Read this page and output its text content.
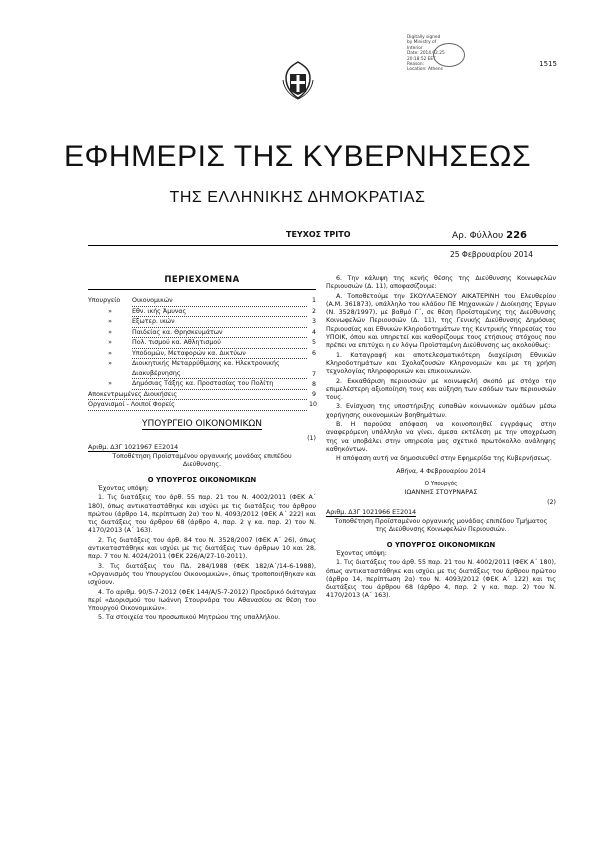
Digitally signed
by Ministry of
Interior
Date: 2014.02.25
20:18:52 EET
Reason:
Location: Athens
1515
ΕΦΗΜΕΡΙΣ ΤΗΣ ΚΥΒΕΡΝΗΣΕΩΣ
ΤΗΣ ΕΛΛΗΝΙΚΗΣ ΔΗΜΟΚΡΑΤΙΑΣ
ΤΕΥΧΟΣ ΤΡΙΤΟ	Αρ. Φύλλου 226
25 Φεβρουαρίου 2014
ΠΕΡΙΕΧΟΜΕΝΑ
Υπουργείο	Οικονομικών	1
»	Εθν. ικής Άμυνας	2
»	Εξωτερ. ικών	3
»	Παιδείας κα. Θρησκευμάτων	4
»	Πολ. τισμού κα. Αθλητισμού	5
»	Υποδομών, Μεταφορών κα. Δικτύων	6
»	Διοικητικής Μεταρρύθμισης κα. Ηλεκτρονικής Διακυβέρνησης	7
»	Δημόσιας Τάξης κα. Προστασίας του Πολίτη	8
Αποκεντρωμένες Διοικήσεις	9
Οργανισμοί - Λοιποί Φορείς	10
ΥΠΟΥΡΓΕΙΟ ΟΙΚΟΝΟΜΙΚΩΝ
(1)
Αριθμ. Δ3Γ 1021967 ΕΞ2014
Τοποθέτηση Προϊσταμένου οργανικής μονάδας επιπέδου Διεύθυνσης.
Ο ΥΠΟΥΡΓΟΣ ΟΙΚΟΝΟΜΙΚΩΝ
Έχοντας υπόψη:
1. Τις διατάξεις του άρθ. 55 παρ. 21 του Ν. 4002/2011 (ΦΕΚ Α΄ 180), όπως αντικαταστάθηκε και ισχύει με τις διατάξεις του άρθρου πρώτου (άρθρο 14, περίπτωση 2α) του Ν. 4093/2012 (ΦΕΚ Α΄ 222) και τις διατάξεις του άρθρου 68 (άρθρο 4, παρ. 2 γ κα. παρ. 2) του Ν. 4170/2013 (Α΄ 163).
2. Τις διατάξεις του άρθ. 84 του Ν. 3528/2007 (ΦΕΚ Α΄ 26), όπως αντικαταστάθηκε και ισχύει με τις διατάξεις των άρθρων 10 και 28, παρ. 7 του Ν. 4024/2011 (ΦΕΚ 226/Α/27-10-2011).
3. Τις διατάξεις του ΠΔ. 284/1988 (ΦΕΚ 182/Α΄/14-6-1988), «Οργανισμός του Υπουργείου Οικονομικών», όπως τροποποιήθηκαν και ισχύουν.
4. Το αριθμ. 90/5-7-2012 (ΦΕΚ 144/Α/5-7-2012) Προεδρικό διάταγμα περί «Διορισμού του Ιωάννη Στουρνάρα του Αθανασίου σε θέση του Υπουργού Οικονομικών».
5. Τα στοιχεία του προσωπικού Μητρώου της υπαλλήλου.
6. Την κάλυψη της κενής θέσης της Διεύθυνσης Κοινωφελών Περιουσιών (Δ. 11), αποφασίζουμε:
Α. Τοποθετούμε την ΣΚΟΥΛΑΞΕΝΟΥ ΑΙΚΑΤΕΡΙΝΗ του Ελευθερίου (Α.Μ. 361873), υπάλληλο του κλάδου ΠΕ Μηχανικών / Διοίκησης Έργων (Ν. 3528/1997), με βαθμό Γ΄, σε θέση Προϊσταμένης της Διεύθυνσης Κοινωφελών Περιουσιών (Δ. 11), της Γενικής Διεύθυνσης Δημόσιας Περιουσίας και Εθνικών Κληροδοτημάτων της Κεντρικής Υπηρεσίας του ΥΠΟΙΚ, όπου και υπηρετεί και καθορίζουμε τους ετήσιους στόχους που πρέπει να επιτύχει η εν λόγω Προϊσταμένη Διεύθυνσης ως ακολούθως:
1. Καταγραφή και αποτελεσματικότερη διαχείριση Εθνικών Κληροδοτημάτων και Σχολαζουσών Κληρονομιών και με τη χρήση τεχνολογίας πληροφορικών και επικοινωνιών.
2. Εκκαθάριση περιουσιών με κοινωφελή σκοπό με στόχο την επιμελέστερη αξιοποίηση τους και αύξηση των εσόδων των περιουσιών τους.
3. Ενίσχυση της υποστήριξης ευπαθών κοινωνικών ομάδων μέσω χορήγησης οικονομικών βοηθημάτων.
Β. Η παρούσα απόφαση να κοινοποιηθεί εγγράφως στην αναφερόμενη υπάλληλο να γίνει, άμεσα εκτέλεση με την υποχρέωση της να υποβάλει στην υπηρεσία μας σχετικό πρωτόκολλο ανάληψης καθηκόντων.
Η απόφαση αυτή να δημοσιευθεί στην Εφημερίδα της Κυβερνήσεως.
Αθήνα, 4 Φεβρουαρίου 2014
Ο Υπουργός
ΙΩΑΝΝΗΣ ΣΤΟΥΡΝΑΡΑΣ
(2)
Αριθμ. Δ3Γ 1021966 ΕΞ2014
Τοποθέτηση Προϊσταμένου οργανικής μονάδας επιπέδου Τμήματος της Διεύθυνσης Κοινωφελών Περιουσιών.
Ο ΥΠΟΥΡΓΟΣ ΟΙΚΟΝΟΜΙΚΩΝ
Έχοντας υπόψη:
1. Τις διατάξεις του άρθ. 55 παρ. 21 του Ν. 4002/2011 (ΦΕΚ Α΄ 180), όπως αντικαταστάθηκε και ισχύει με τις διατάξεις του άρθρου πρώτου (άρθρο 14, περίπτωση 2α) του Ν. 4093/2012 (ΦΕΚ Α΄ 122) και τις διατάξεις του άρθρου 68 (άρθρο 4, παρ. 2 γ κα. παρ. 2) του Ν. 4170/2013 (Α΄ 163).
